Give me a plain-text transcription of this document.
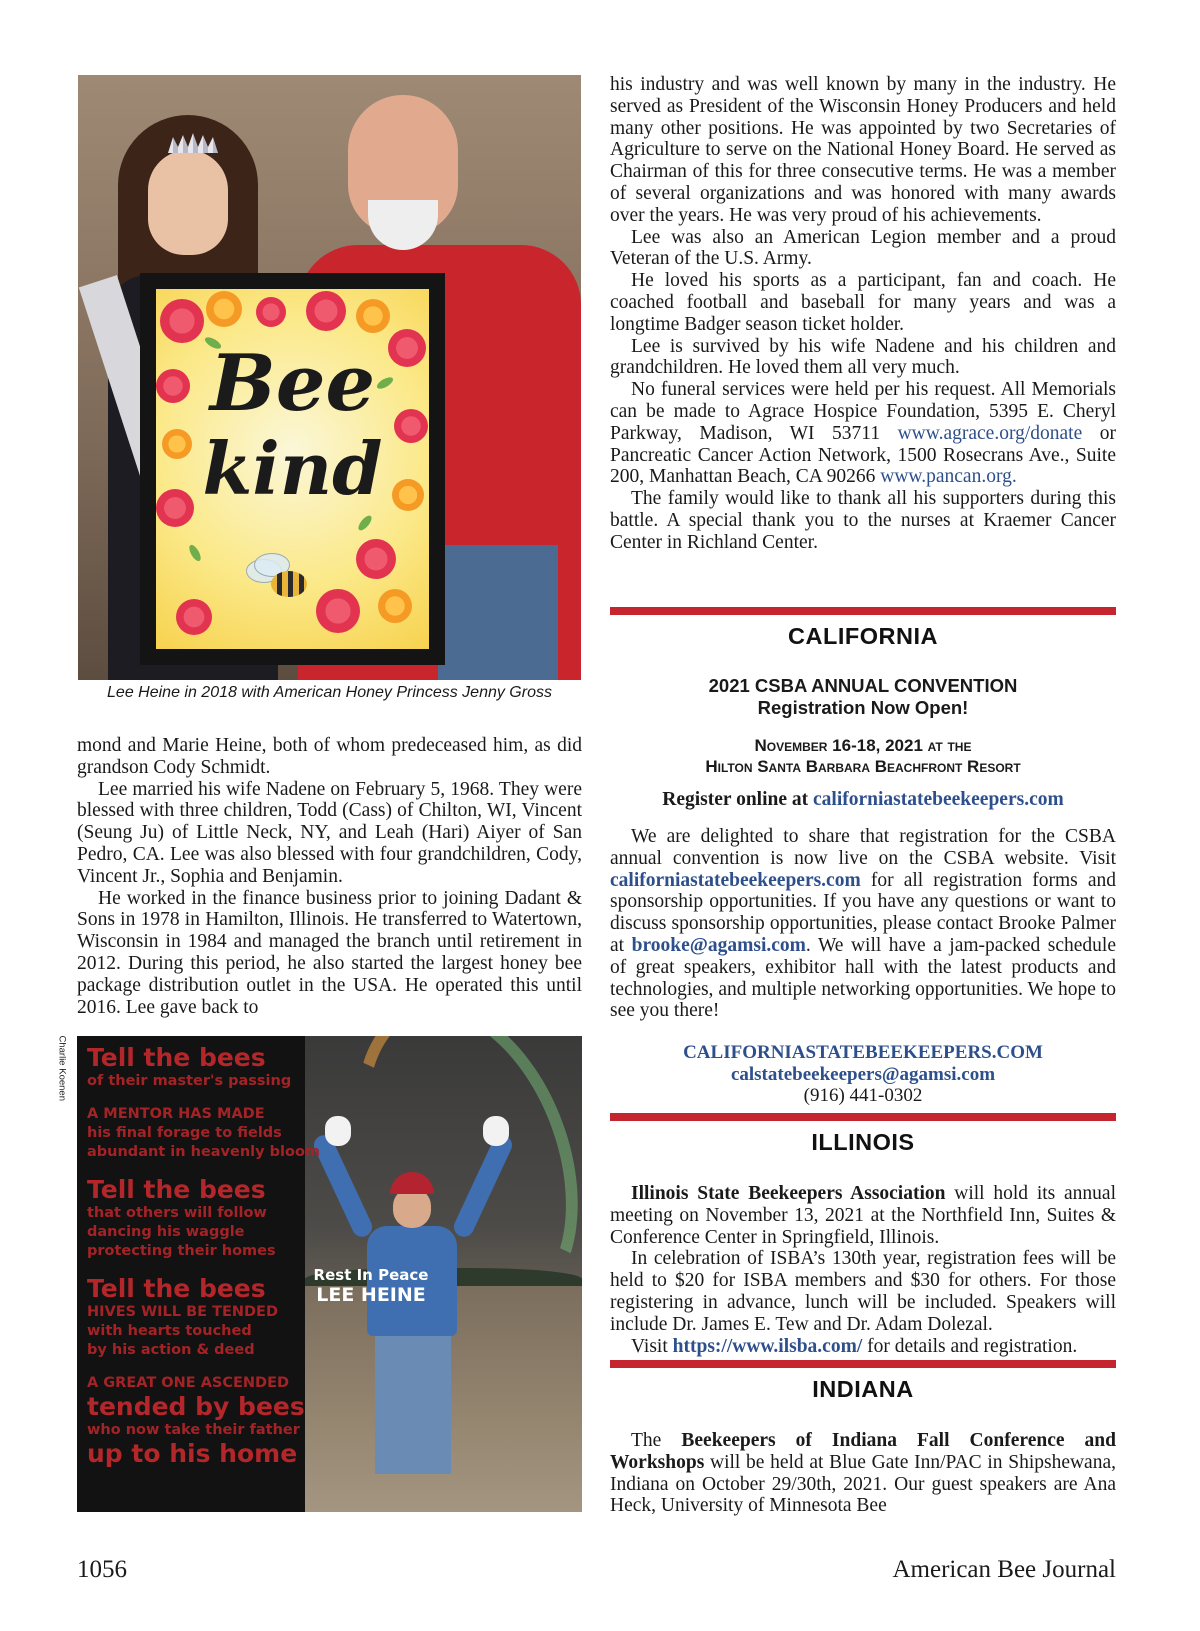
Bee
kind
Lee Heine in 2018 with American Honey Princess Jenny Gross

mond and Marie Heine, both of whom predeceased him, as did grandson Cody Schmidt.

Lee married his wife Nadene on February 5, 1968. They were blessed with three children, Todd (Cass) of Chilton, WI, Vincent (Seung Ju) of Little Neck, NY, and Leah (Hari) Aiyer of San Pedro, CA. Lee was also blessed with four grandchildren, Cody, Vincent Jr., Sophia and Benjamin.

He worked in the finance business prior to joining Dadant & Sons in 1978 in Hamilton, Illinois. He transferred to Watertown, Wisconsin in 1984 and managed the branch until retirement in 2012. During this period, he also started the largest honey bee package distribution outlet in the USA. He operated this until 2016. Lee gave back to

Charlie Koenen Tell the bees
of their master's passing
A MENTOR HAS MADE
his final forage to fields
abundant in heavenly bloom
Tell the bees
that others will follow
dancing his waggle
protecting their homes
Tell the bees
HIVES WILL BE TENDED
with hearts touched
by his action & deed
A GREAT ONE ASCENDED
tended by bees
who now take their father
up to his home
Rest In Peace
LEE HEINE

his industry and was well known by many in the industry. He served as President of the Wisconsin Honey Producers and held many other positions. He was appointed by two Secretaries of Agriculture to serve on the National Honey Board. He served as Chairman of this for three consecutive terms. He was a member of several organizations and was honored with many awards over the years. He was very proud of his achievements.

Lee was also an American Legion member and a proud Veteran of the U.S. Army.

He loved his sports as a participant, fan and coach. He coached football and baseball for many years and was a longtime Badger season ticket holder.

Lee is survived by his wife Nadene and his children and grandchildren. He loved them all very much.

No funeral services were held per his request. All Memorials can be made to Agrace Hospice Foundation, 5395 E. Cheryl Parkway, Madison, WI 53711 www.agrace.org/donate or Pancreatic Cancer Action Network, 1500 Rosecrans Ave., Suite 200, Manhattan Beach, CA 90266 www.pancan.org.

The family would like to thank all his supporters during this battle. A special thank you to the nurses at Kraemer Cancer Center in Richland Center.

CALIFORNIA
2021 CSBA ANNUAL CONVENTION
Registration Now Open!
November 16-18, 2021 at the
Hilton Santa Barbara Beachfront Resort
Register online at californiastatebeekeepers.com

We are delighted to share that registration for the CSBA annual convention is now live on the CSBA website. Visit californiastatebeekeepers.com for all registration forms and sponsorship opportunities. If you have any questions or want to discuss sponsorship opportunities, please contact Brooke Palmer at brooke@agamsi.com. We will have a jam-packed schedule of great speakers, exhibitor hall with the latest products and technologies, and multiple networking opportunities. We hope to see you there!

CALIFORNIASTATEBEEKEEPERS.COM
calstatebeekeepers@agamsi.com
(916) 441-0302
ILLINOIS

Illinois State Beekeepers Association will hold its annual meeting on November 13, 2021 at the Northfield Inn, Suites & Conference Center in Springfield, Illinois.

In celebration of ISBA’s 130th year, registration fees will be held to $20 for ISBA members and $30 for others. For those registering in advance, lunch will be included. Speakers will include Dr. James E. Tew and Dr. Adam Dolezal.

Visit https://www.ilsba.com/ for details and registration.

INDIANA

The Beekeepers of Indiana Fall Conference and Workshops will be held at Blue Gate Inn/PAC in Shipshewana, Indiana on October 29/30th, 2021. Our guest speakers are Ana Heck, University of Minnesota Bee

1056	American Bee Journal
